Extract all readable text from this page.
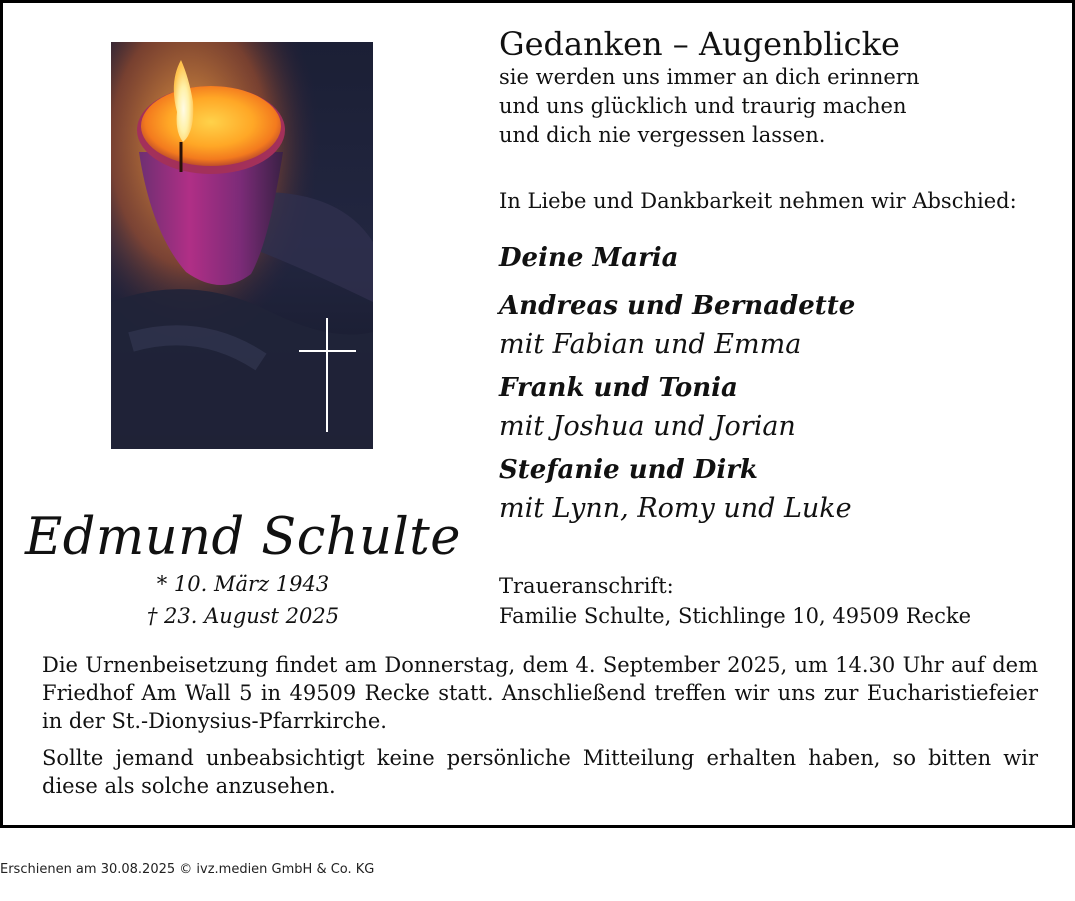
Edmund Schulte
* 10. März 1943
† 23. August 2025
Gedanken – Augenblicke
sie werden uns immer an dich erinnern
und uns glücklich und traurig machen
und dich nie vergessen lassen.
In Liebe und Dankbarkeit nehmen wir Abschied:
Deine Maria
Andreas und Bernadette
mit Fabian und Emma
Frank und Tonia
mit Joshua und Jorian
Stefanie und Dirk
mit Lynn, Romy und Luke
Traueranschrift:
Familie Schulte, Stichlinge 10, 49509 Recke

Die Urnenbeisetzung findet am Donnerstag, dem 4. September 2025, um 14.30 Uhr auf dem Friedhof Am Wall 5 in 49509 Recke statt. Anschließend treffen wir uns zur Eucharistiefeier in der St.-Dionysius-Pfarrkirche.

Sollte jemand unbeabsichtigt keine persönliche Mitteilung erhalten haben, so bitten wir diese als solche anzusehen.

Erschienen am 30.08.2025 © ivz.medien GmbH & Co. KG
